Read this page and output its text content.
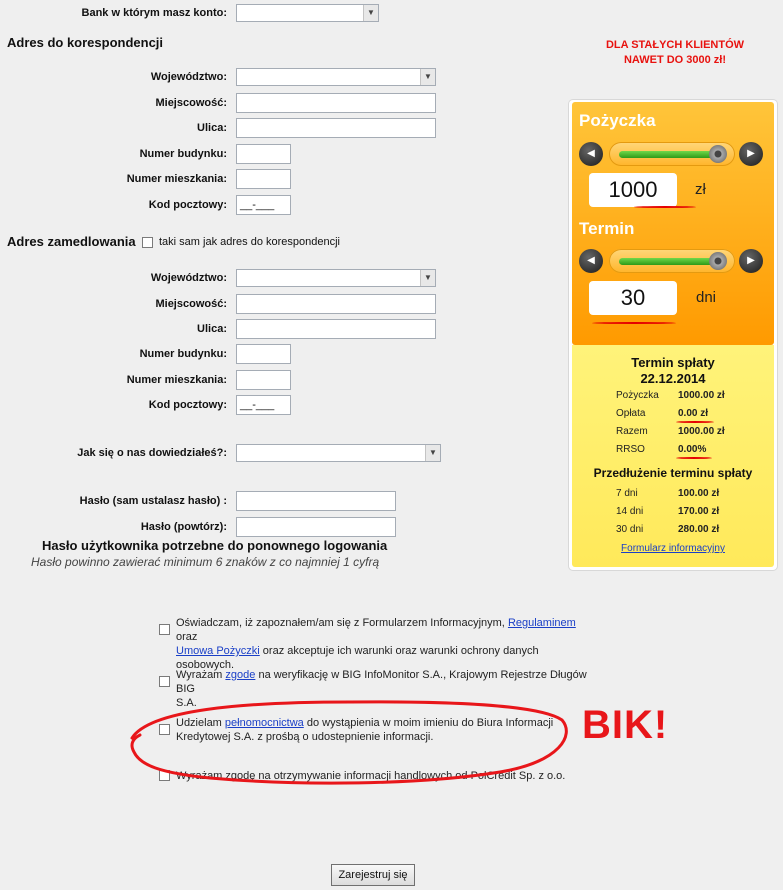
Bank w którym masz konto:	▼
Adres do korespondencji
Województwo:	▼
Miejscowość:
Ulica:
Numer budynku:
Numer mieszkania:
Kod pocztowy:	__-___
Adres zamedlowania taki sam jak adres do korespondencji
Województwo:	▼
Miejscowość:
Ulica:
Numer budynku:
Numer mieszkania:
Kod pocztowy:	__-___
Jak się o nas dowiedziałeś?:	▼
Hasło (sam ustalasz hasło) :
Hasło (powtórz):
Hasło użytkownika potrzebne do ponownego logowania
Hasło powinno zawierać minimum 6 znaków z co najmniej 1 cyfrą
Oświadczam, iż zapoznałem/am się z Formularzem Informacyjnym, Regulaminem oraz
Umowa Pożyczki oraz akceptuje ich warunki oraz warunki ochrony danych osobowych.
Wyrażam zgode na weryfikację w BIG InfoMonitor S.A., Krajowym Rejestrze Długów BIG
S.A.
Udzielam pełnomocnictwa do wystąpienia w moim imieniu do Biura Informacji
Kredytowej S.A. z prośbą o udostepnienie informacji.
Wyrażam zgodę na otrzymywanie informacji handlowych od PolCredit Sp. z o.o.
BIK!
Zarejestruj się
DLA STAŁYCH KLIENTÓW
NAWET DO 3000 zł!
Pożyczka
◀	▶
1000	zł
Termin
◀	▶
30	dni
Termin spłaty
22.12.2014
Pożyczka 1000.00 zł
Opłata	0.00 zł
Razem	1000.00 zł
RRSO	0.00%
Przedłużenie terminu spłaty
7 dni	100.00 zł
14 dni	170.00 zł
30 dni	280.00 zł
Formularz informacyjny
